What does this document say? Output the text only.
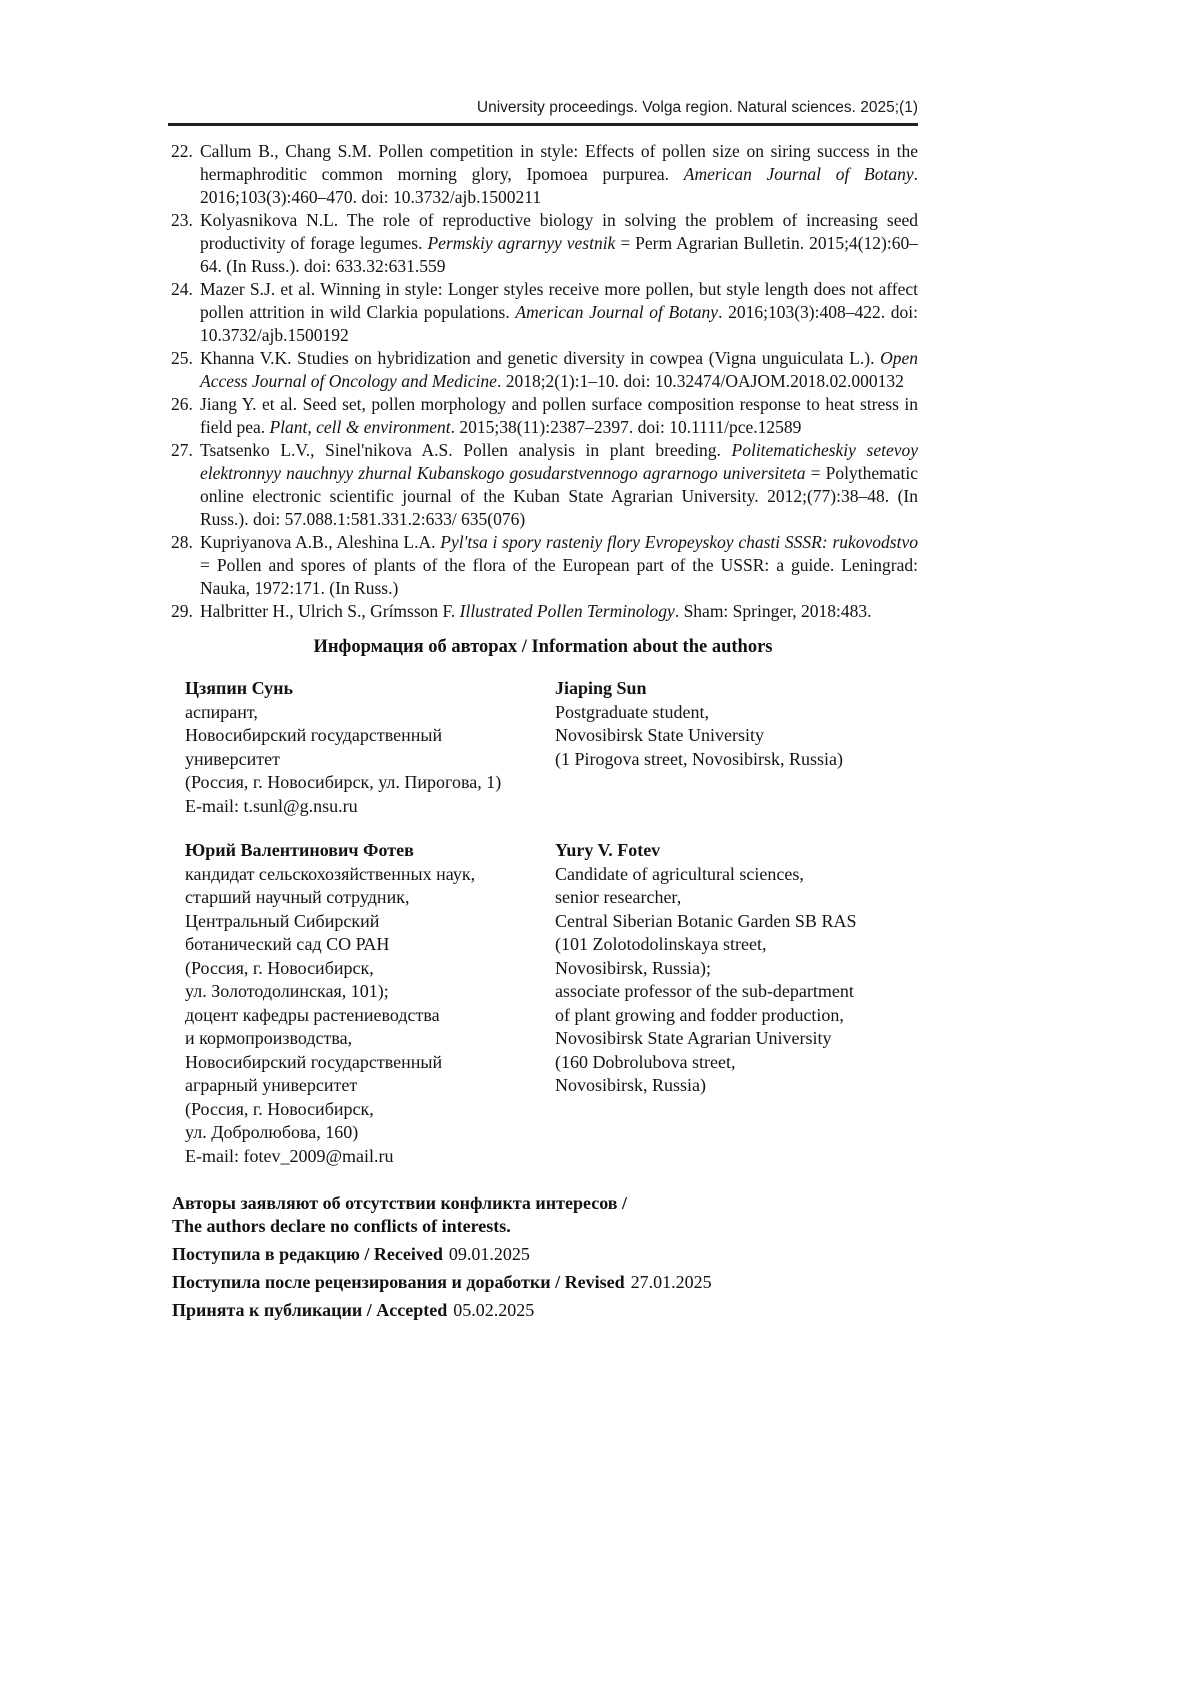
University proceedings. Volga region. Natural sciences. 2025;(1)
22. Callum B., Chang S.M. Pollen competition in style: Effects of pollen size on siring success in the hermaphroditic common morning glory, Ipomoea purpurea. American Journal of Botany. 2016;103(3):460–470. doi: 10.3732/ajb.1500211
23. Kolyasnikova N.L. The role of reproductive biology in solving the problem of increasing seed productivity of forage legumes. Permskiy agrarnyy vestnik = Perm Agrarian Bulletin. 2015;4(12):60–64. (In Russ.). doi: 633.32:631.559
24. Mazer S.J. et al. Winning in style: Longer styles receive more pollen, but style length does not affect pollen attrition in wild Clarkia populations. American Journal of Botany. 2016;103(3):408–422. doi: 10.3732/ajb.1500192
25. Khanna V.K. Studies on hybridization and genetic diversity in cowpea (Vigna unguiculata L.). Open Access Journal of Oncology and Medicine. 2018;2(1):1–10. doi: 10.32474/OAJOM.2018.02.000132
26. Jiang Y. et al. Seed set, pollen morphology and pollen surface composition response to heat stress in field pea. Plant, cell & environment. 2015;38(11):2387–2397. doi: 10.1111/pce.12589
27. Tsatsenko L.V., Sinel'nikova A.S. Pollen analysis in plant breeding. Politematicheskiy setevoy elektronnyy nauchnyy zhurnal Kubanskogo gosudarstvennogo agrarnogo universiteta = Polythematic online electronic scientific journal of the Kuban State Agrarian University. 2012;(77):38–48. (In Russ.). doi: 57.088.1:581.331.2:633/ 635(076)
28. Kupriyanova A.B., Aleshina L.A. Pyl'tsa i spory rasteniy flory Evropeyskoy chasti SSSR: rukovodstvo = Pollen and spores of plants of the flora of the European part of the USSR: a guide. Leningrad: Nauka, 1972:171. (In Russ.)
29. Halbritter H., Ulrich S., Grímsson F. Illustrated Pollen Terminology. Sham: Springer, 2018:483.
Информация об авторах / Information about the authors
Цзяпин Сунь
аспирант,
Новосибирский государственный
университет
(Россия, г. Новосибирск, ул. Пирогова, 1)
E-mail: t.sunl@g.nsu.ru
Jiaping Sun
Postgraduate student,
Novosibirsk State University
(1 Pirogova street, Novosibirsk, Russia)
Юрий Валентинович Фотев
кандидат сельскохозяйственных наук,
старший научный сотрудник,
Центральный Сибирский
ботанический сад СО РАН
(Россия, г. Новосибирск,
ул. Золотодолинская, 101);
доцент кафедры растениеводства
и кормопроизводства,
Новосибирский государственный
аграрный университет
(Россия, г. Новосибирск,
ул. Добролюбова, 160)
E-mail: fotev_2009@mail.ru
Yury V. Fotev
Candidate of agricultural sciences,
senior researcher,
Central Siberian Botanic Garden SB RAS
(101 Zolotodolinskaya street,
Novosibirsk, Russia);
associate professor of the sub-department
of plant growing and fodder production,
Novosibirsk State Agrarian University
(160 Dobrolubova street,
Novosibirsk, Russia)
Авторы заявляют об отсутствии конфликта интересов /
The authors declare no conflicts of interests.
Поступила в редакцию / Received 09.01.2025
Поступила после рецензирования и доработки / Revised 27.01.2025
Принята к публикации / Accepted 05.02.2025
